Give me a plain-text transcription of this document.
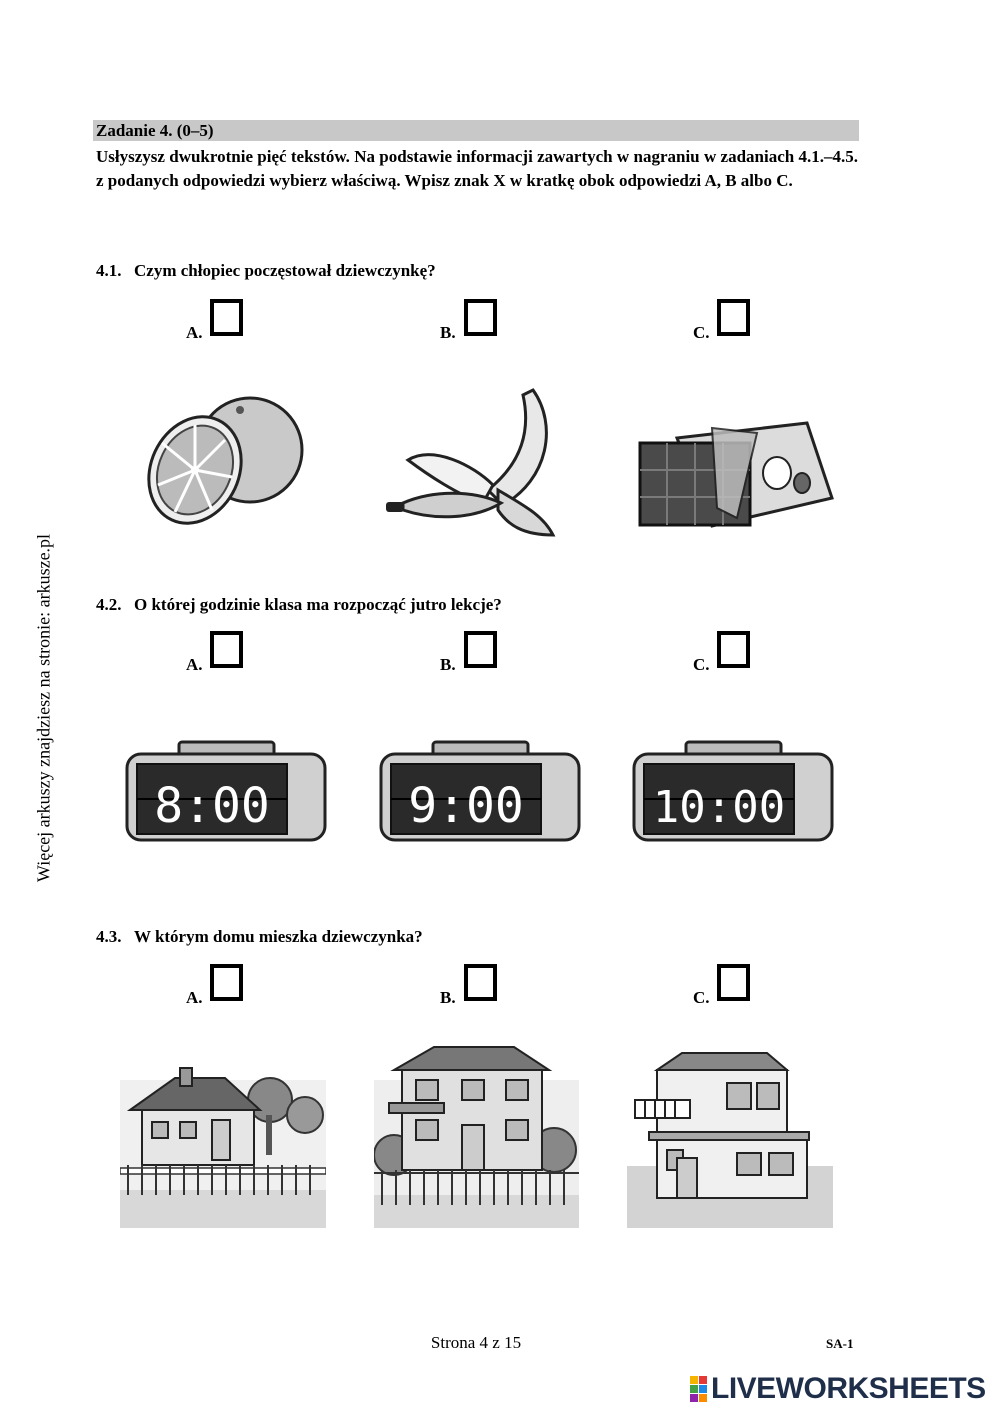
Więcej arkuszy znajdziesz na stronie: arkusze.pl
Zadanie 4. (0–5)
Usłyszysz dwukrotnie pięć tekstów. Na podstawie informacji zawartych w nagraniu w zadaniach 4.1.–4.5. z podanych odpowiedzi wybierz właściwą. Wpisz znak X w kratkę obok odpowiedzi A, B albo C.
4.1. Czym chłopiec poczęstował dziewczynkę?
A.	B.	C.
4.2. O której godzinie klasa ma rozpocząć jutro lekcje?
A.	B.	C.
8:00	9:00	10:00
4.3. W którym domu mieszka dziewczynka?
A.	B.	C.
Strona 4 z 15	SA-1
LIVEWORKSHEETS
